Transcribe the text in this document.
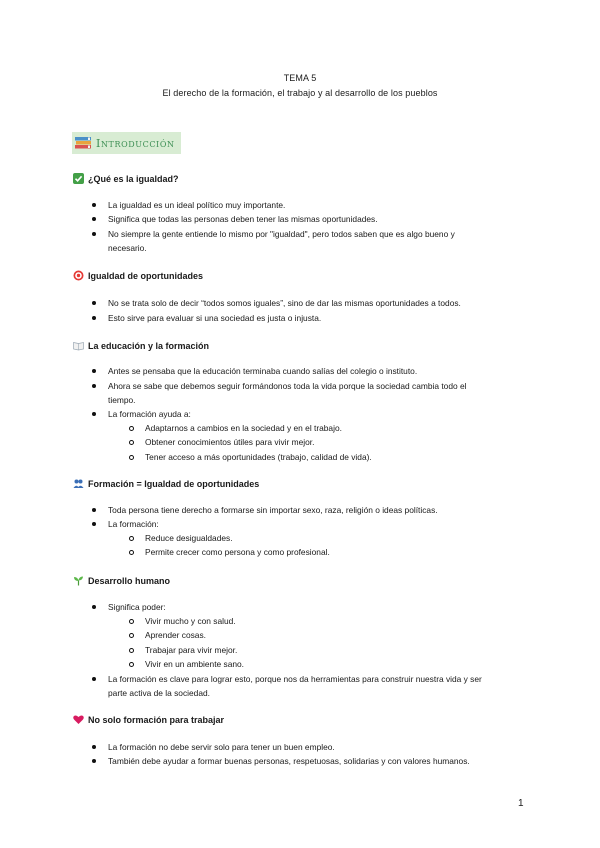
TEMA 5
El derecho de la formación, el trabajo y al desarrollo de los pueblos
Introducción
¿Qué es la igualdad?
La igualdad es un ideal político muy importante.
Significa que todas las personas deben tener las mismas oportunidades.
No siempre la gente entiende lo mismo por "igualdad", pero todos saben que es algo bueno y
necesario.
Igualdad de oportunidades
No se trata solo de decir “todos somos iguales”, sino de dar las mismas oportunidades a todos.
Esto sirve para evaluar si una sociedad es justa o injusta.
La educación y la formación
Antes se pensaba que la educación terminaba cuando salías del colegio o instituto.
Ahora se sabe que debemos seguir formándonos toda la vida porque la sociedad cambia todo el
tiempo.
La formación ayuda a:
Adaptarnos a cambios en la sociedad y en el trabajo.
Obtener conocimientos útiles para vivir mejor.
Tener acceso a más oportunidades (trabajo, calidad de vida).
Formación = Igualdad de oportunidades
Toda persona tiene derecho a formarse sin importar sexo, raza, religión o ideas políticas.
La formación:
Reduce desigualdades.
Permite crecer como persona y como profesional.
Desarrollo humano
Significa poder:
Vivir mucho y con salud.
Aprender cosas.
Trabajar para vivir mejor.
Vivir en un ambiente sano.
La formación es clave para lograr esto, porque nos da herramientas para construir nuestra vida y ser
parte activa de la sociedad.
No solo formación para trabajar
La formación no debe servir solo para tener un buen empleo.
También debe ayudar a formar buenas personas, respetuosas, solidarias y con valores humanos.
1
